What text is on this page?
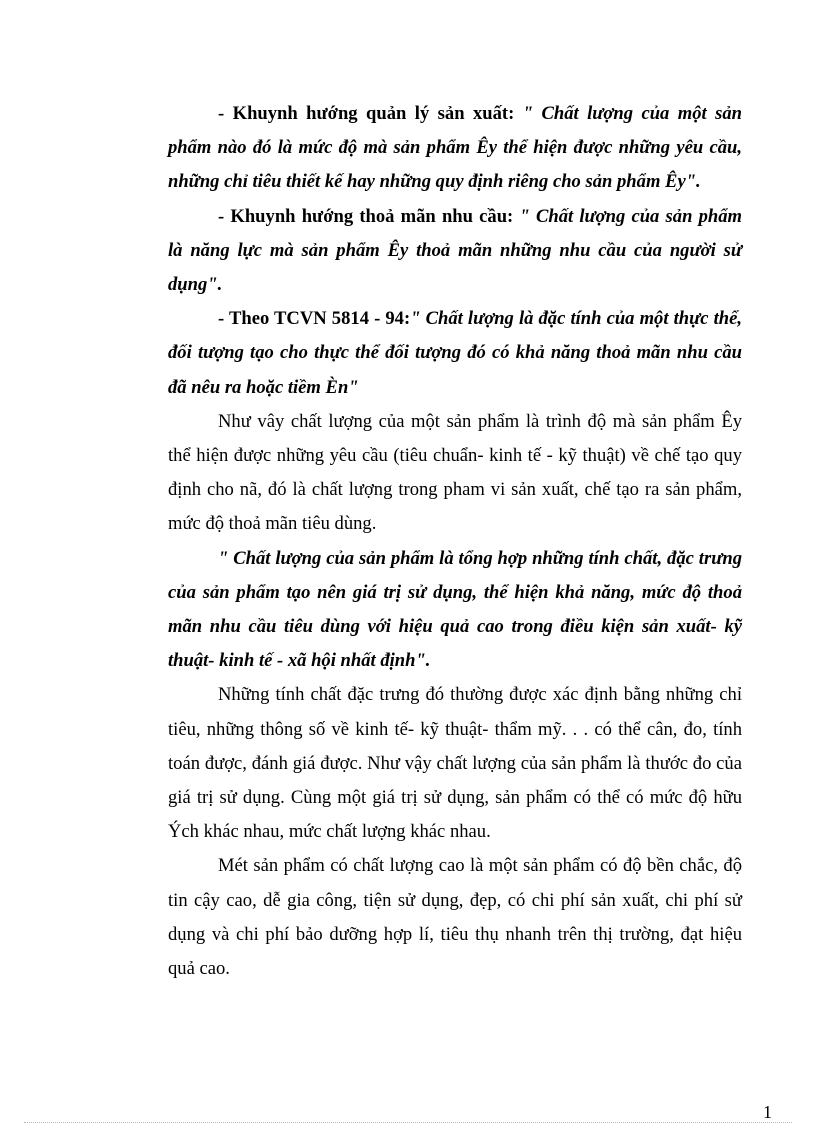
- Khuynh hướng quản lý sản xuất: " Chất lượng của một sản phẩm nào đó là mức độ mà sản phẩm Êy thể hiện được những yêu cầu, những chỉ tiêu thiết kế hay những quy định riêng cho sản phẩm Êy".

- Khuynh hướng thoả mãn nhu cầu: " Chất lượng của sản phẩm là năng lực mà sản phẩm Êy thoả mãn những nhu cầu của người sử dụng".

- Theo TCVN 5814 - 94:" Chất lượng là đặc tính của một thực thể, đối tượng tạo cho thực thể đối tượng đó có khả năng thoả mãn nhu cầu đã nêu ra hoặc tiềm Èn"

Như vây chất lượng của một sản phẩm là trình độ mà sản phẩm Êy thể hiện được những yêu cầu (tiêu chuẩn- kinh tế - kỹ thuật) về chế tạo quy định cho nã, đó là chất lượng trong pham vi sản xuất, chế tạo ra sản phẩm, mức độ thoả mãn tiêu dùng.

" Chất lượng của sản phẩm là tổng hợp những tính chất, đặc trưng của sản phẩm tạo nên giá trị sử dụng, thể hiện khả năng, mức độ thoả mãn nhu cầu tiêu dùng với hiệu quả cao trong điều kiện sản xuất- kỹ thuật- kinh tế - xã hội nhất định".

Những tính chất đặc trưng đó thường được xác định bằng những chỉ tiêu, những thông số về kinh tế- kỹ thuật- thẩm mỹ. . . có thể cân, đo, tính toán được, đánh giá được. Như vậy chất lượng của sản phẩm là thước đo của giá trị sử dụng. Cùng một giá trị sử dụng, sản phẩm có thể có mức độ hữu Ých khác nhau, mức chất lượng khác nhau.

Mét sản phẩm có chất lượng cao là một sản phẩm có độ bền chắc, độ tin cậy cao, dễ gia công, tiện sử dụng, đẹp, có chi phí sản xuất, chi phí sử dụng và chi phí bảo dưỡng hợp lí, tiêu thụ nhanh trên thị trường, đạt hiệu quả cao.

1
